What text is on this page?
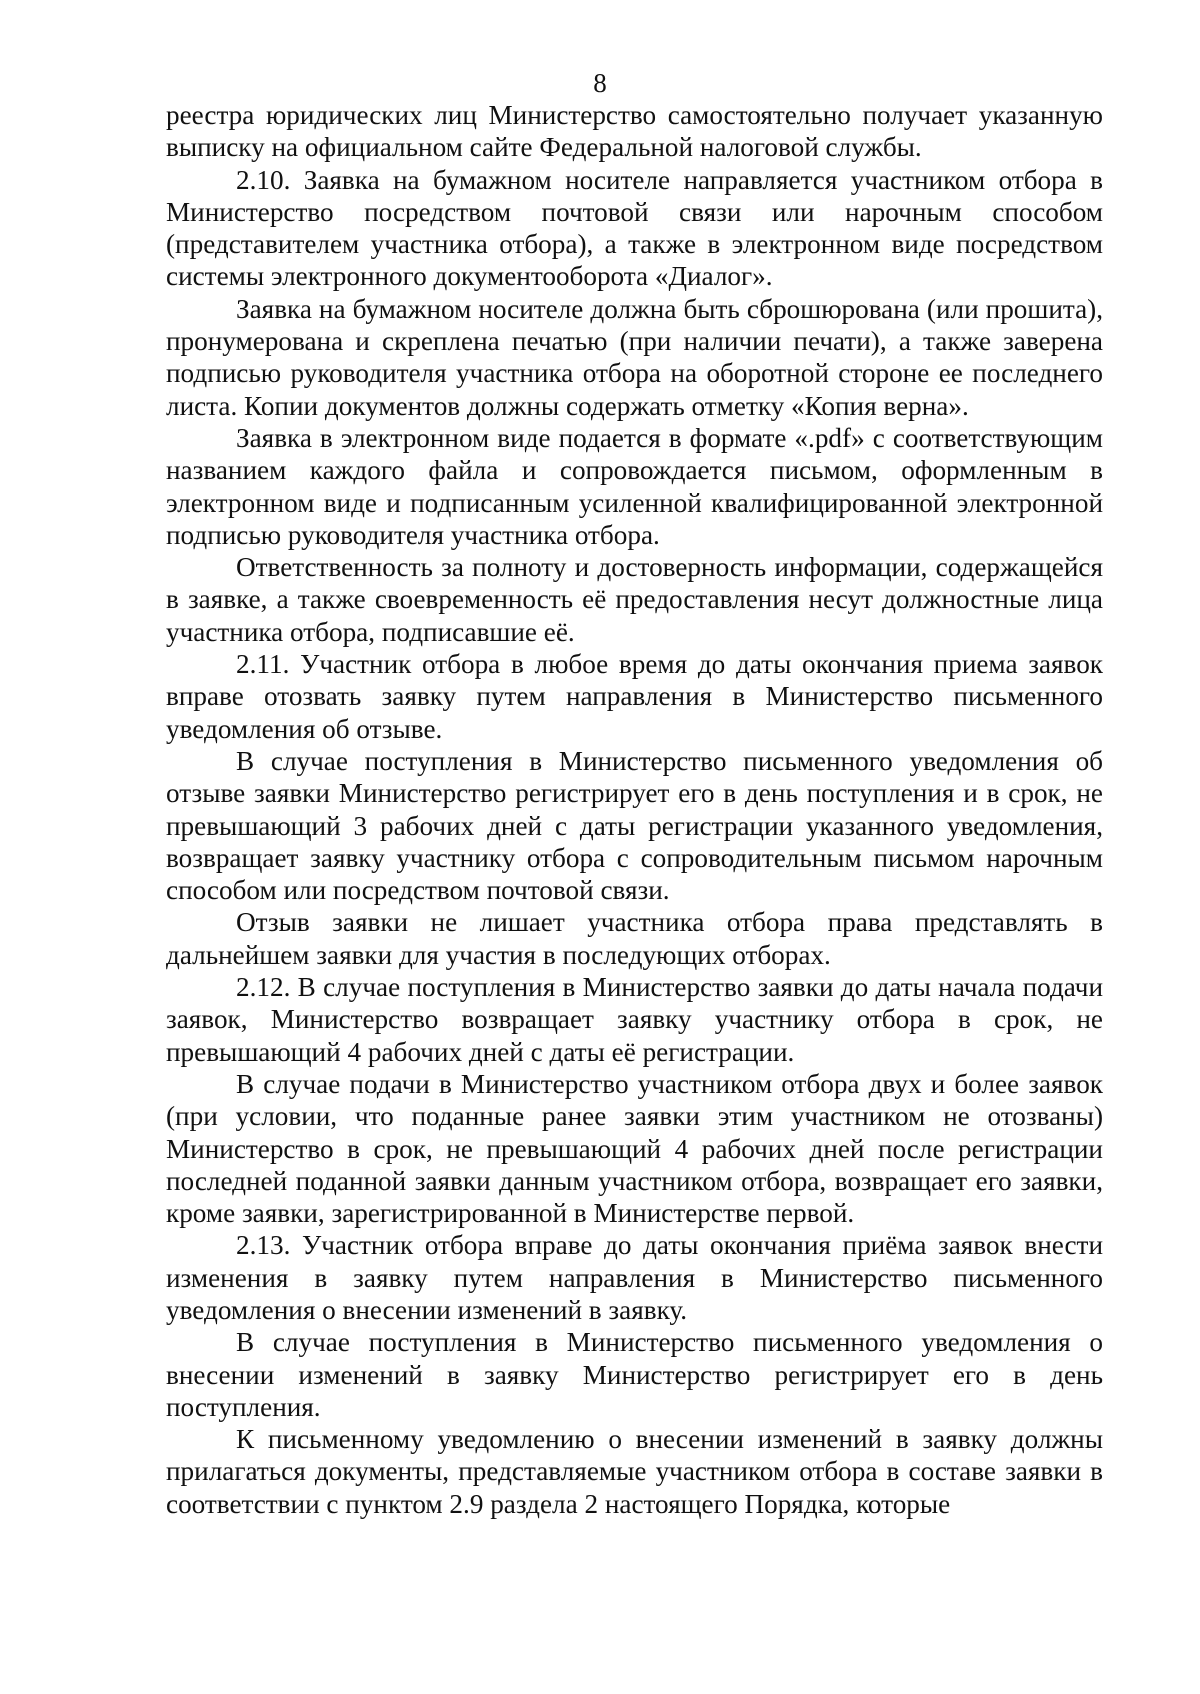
8

реестра юридических лиц Министерство самостоятельно получает указанную выписку на официальном сайте Федеральной налоговой службы.

2.10. Заявка на бумажном носителе направляется участником отбора в Министерство посредством почтовой связи или нарочным способом (представителем участника отбора), а также в электронном виде посредством системы электронного документооборота «Диалог».

Заявка на бумажном носителе должна быть сброшюрована (или прошита), пронумерована и скреплена печатью (при наличии печати), а также заверена подписью руководителя участника отбора на оборотной стороне ее последнего листа. Копии документов должны содержать отметку «Копия верна».

Заявка в электронном виде подается в формате «.pdf» с соответствующим названием каждого файла и сопровождается письмом, оформленным в электронном виде и подписанным усиленной квалифицированной электронной подписью руководителя участника отбора.

Ответственность за полноту и достоверность информации, содержащейся в заявке, а также своевременность её предоставления несут должностные лица участника отбора, подписавшие её.

2.11. Участник отбора в любое время до даты окончания приема заявок вправе отозвать заявку путем направления в Министерство письменного уведомления об отзыве.

В случае поступления в Министерство письменного уведомления об отзыве заявки Министерство регистрирует его в день поступления и в срок, не превышающий 3 рабочих дней с даты регистрации указанного уведомления, возвращает заявку участнику отбора с сопроводительным письмом нарочным способом или посредством почтовой связи.

Отзыв заявки не лишает участника отбора права представлять в дальнейшем заявки для участия в последующих отборах.

2.12. В случае поступления в Министерство заявки до даты начала подачи заявок, Министерство возвращает заявку участнику отбора в срок, не превышающий 4 рабочих дней с даты её регистрации.

В случае подачи в Министерство участником отбора двух и более заявок (при условии, что поданные ранее заявки этим участником не отозваны) Министерство в срок, не превышающий 4 рабочих дней после регистрации последней поданной заявки данным участником отбора, возвращает его заявки, кроме заявки, зарегистрированной в Министерстве первой.

2.13. Участник отбора вправе до даты окончания приёма заявок внести изменения в заявку путем направления в Министерство письменного уведомления о внесении изменений в заявку.

В случае поступления в Министерство письменного уведомления о внесении изменений в заявку Министерство регистрирует его в день поступления.

К письменному уведомлению о внесении изменений в заявку должны прилагаться документы, представляемые участником отбора в составе заявки в соответствии с пунктом 2.9 раздела 2 настоящего Порядка, которые
